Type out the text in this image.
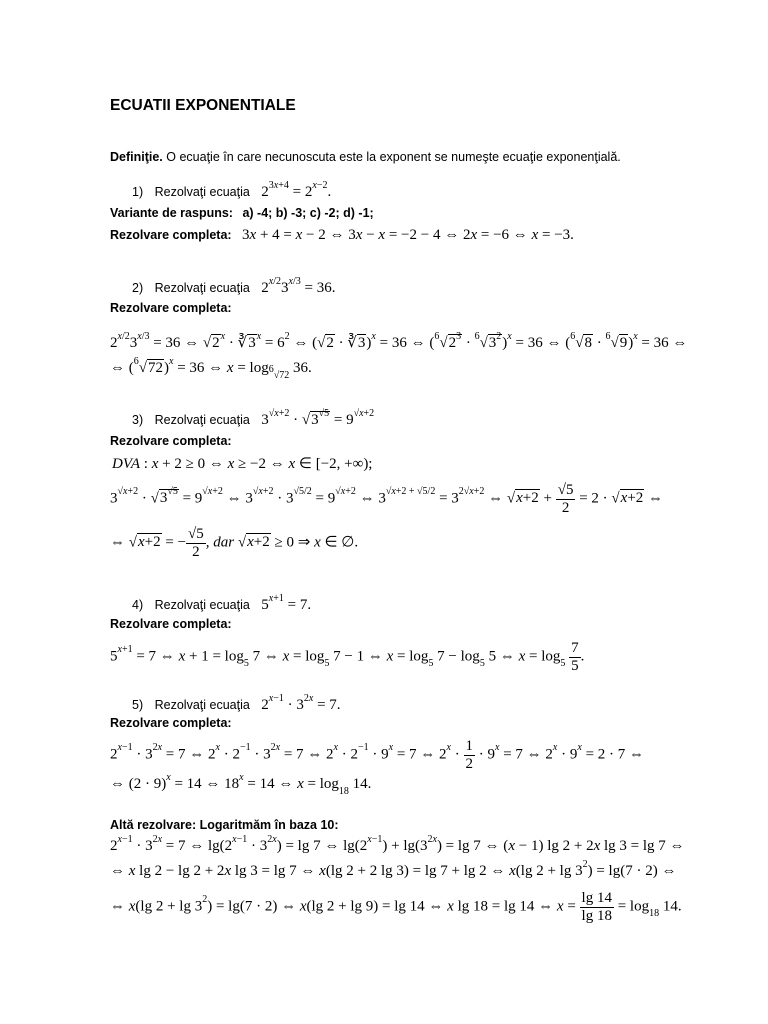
ECUATII EXPONENTIALE
Definiţie. O ecuaţie în care necunoscuta este la exponent se numeşte ecuaţie exponenţială.
1) Rezolvaţi ecuaţia $2^{3x+4} = 2^{x-2}$.
Variante de raspuns: a) -4; b) -3; c) -2; d) -1;
Rezolvare completa: 3x + 4 = x − 2 ⇔ 3x − x = −2 − 4 ⇔ 2x = −6 ⇔ x = −3.
2) Rezolvaţi ecuaţia $2^{x/2}3^{x/3} = 36$.
Rezolvare completa:
$2^{x/2}3^{x/3} = 36$ ⇔ $√2^x$ · $∛3^x = 6^2$ ⇔ (√2 · ∛3)$^x$ = 36 ⇔ $(^6√2^3 \cdot ^6√3^2)^x = 36$ ⇔ $(^6√8 \cdot ^6√9)^x = 36$ ⇔
⇔ $(^6√72)^x = 36$ ⇔ $x = \log_{^6√72} 36$.
3) Rezolvaţi ecuaţia $3^{√x+2} \cdot √3^{√5} = 9^{√x+2}$
Rezolvare completa:
DVA : x + 2 ≥ 0 ⇔ x ≥ −2 ⇔ x ∈ [−2, +∞);
$3^{√x+2} \cdot √3^{√5} = 9^{√x+2}$ ⇔ $3^{√x+2} \cdot 3^{√5/2} = 9^{√x+2}$ ⇔ $3^{√x+2 + √5/2} = 3^{2√x+2}$ ⇔ $√x+2 + \frac{√5}{2} = 2 \cdot √x+2$ ⇔
⇔ √x+2 = − $\frac{√5}{2}$ , dar √x+2 ≥ 0 ⇒ x ∈ ∅.
4) Rezolvaţi ecuaţia $5^{x+1} = 7$.
Rezolvare completa:
$5^{x+1} = 7$ ⇔ $x + 1 = \log_5 7$ ⇔ $x = \log_5 7 - 1$ ⇔ $x = \log_5 7 - \log_5 5$ ⇔ $x = \log_5 \frac{7}{5}$ .
5) Rezolvaţi ecuaţia $2^{x-1} \cdot 3^{2x} = 7$.
Rezolvare completa:
$2^{x-1} \cdot 3^{2x} = 7$ ⇔ $2^x \cdot 2^{-1} \cdot 3^{2x} = 7$ ⇔ $2^x \cdot 2^{-1} \cdot 9^x = 7$ ⇔ $2^x \cdot \frac{1}{2} \cdot 9^x = 7$ ⇔ $2^x \cdot 9^x = 2 \cdot 7$ ⇔
⇔ $(2 \cdot 9)^x = 14$ ⇔ $18^x = 14$ ⇔ $x = \log_{18} 14$.
Altă rezolvare: Logaritmăm în baza 10:
$2^{x-1} \cdot 3^{2x} = 7$ ⇔ $\lg(2^{x-1} \cdot 3^{2x}) = \lg 7$ ⇔ $\lg(2^{x-1}) + \lg(3^{2x}) = \lg 7$ ⇔ (x − 1) lg 2 + 2x lg 3 = lg 7 ⇔
⇔ x lg 2 − lg 2 + 2x lg 3 = lg 7 ⇔ x(lg 2 + 2 lg 3) = lg 7 + lg 2 ⇔ x(lg $2 + \lg 3^2) = \lg(7 \cdot 2)$ ⇔
⇔ x(lg $2 + \lg 3^2) = \lg(7 \cdot 2)$ ⇔ x(lg 2 + lg 9) = lg 14 ⇔ x lg 18 = lg 14 ⇔ $x = \frac{\lg 14}{\lg 18} = \log_{18} 14$.
